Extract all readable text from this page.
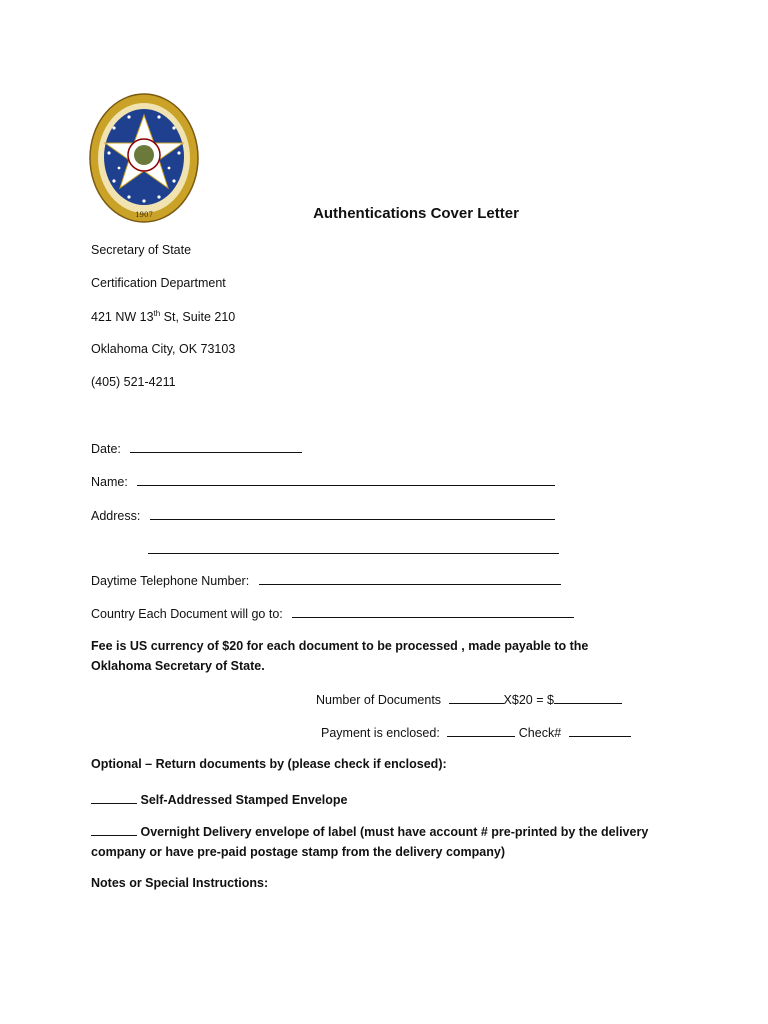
1907	Authentications Cover Letter
Secretary of State
Certification Department
421 NW 13th St, Suite 210
Oklahoma City, OK 73103
(405) 521-4211
Date:
Name:
Address:
Daytime Telephone Number:
Country Each Document will go to:
Fee is US currency of $20 for each document to be processed , made payable to the Oklahoma Secretary of State.
Number of Documents	X$20 = $
Payment is enclosed:	Check#
Optional – Return documents by (please check if enclosed):
Self-Addressed Stamped Envelope
Overnight Delivery envelope of label (must have account # pre-printed by the delivery company or have pre-paid postage stamp from the delivery company)
Notes or Special Instructions:
